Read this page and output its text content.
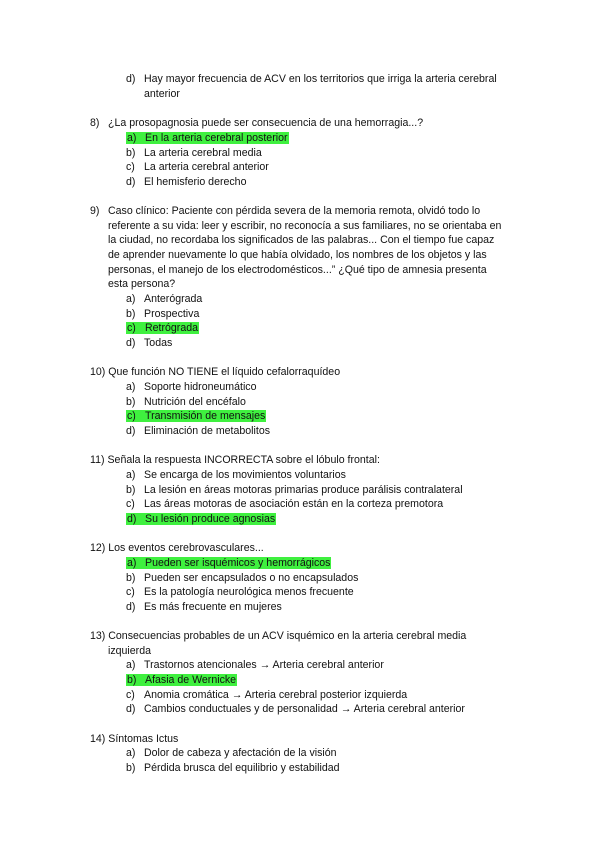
d) Hay mayor frecuencia de ACV en los territorios que irriga la arteria cerebral
anterior
8) ¿La prosopagnosia puede ser consecuencia de una hemorragia...?
a) En la arteria cerebral posterior
b) La arteria cerebral media
c) La arteria cerebral anterior
d) El hemisferio derecho
9) Caso clínico: Paciente con pérdida severa de la memoria remota, olvidó todo lo
referente a su vida: leer y escribir, no reconocía a sus familiares, no se orientaba en
la ciudad, no recordaba los significados de las palabras... Con el tiempo fue capaz
de aprender nuevamente lo que había olvidado, los nombres de los objetos y las
personas, el manejo de los electrodomésticos...” ¿Qué tipo de amnesia presenta
esta persona?
a) Anterógrada
b) Prospectiva
c) Retrógrada
d) Todas
10) Que función NO TIENE el líquido cefalorraquídeo
a) Soporte hidroneumático
b) Nutrición del encéfalo
c) Transmisión de mensajes
d) Eliminación de metabolitos
11) Señala la respuesta INCORRECTA sobre el lóbulo frontal:
a) Se encarga de los movimientos voluntarios
b) La lesión en áreas motoras primarias produce parálisis contralateral
c) Las áreas motoras de asociación están en la corteza premotora
d) Su lesión produce agnosias
12) Los eventos cerebrovasculares...
a) Pueden ser isquémicos y hemorrágicos
b) Pueden ser encapsulados o no encapsulados
c) Es la patología neurológica menos frecuente
d) Es más frecuente en mujeres
13) Consecuencias probables de un ACV isquémico en la arteria cerebral media
izquierda
a) Trastornos atencionales → Arteria cerebral anterior
b) Afasia de Wernicke
c) Anomia cromática → Arteria cerebral posterior izquierda
d) Cambios conductuales y de personalidad → Arteria cerebral anterior
14) Síntomas Ictus
a) Dolor de cabeza y afectación de la visión
b) Pérdida brusca del equilibrio y estabilidad
